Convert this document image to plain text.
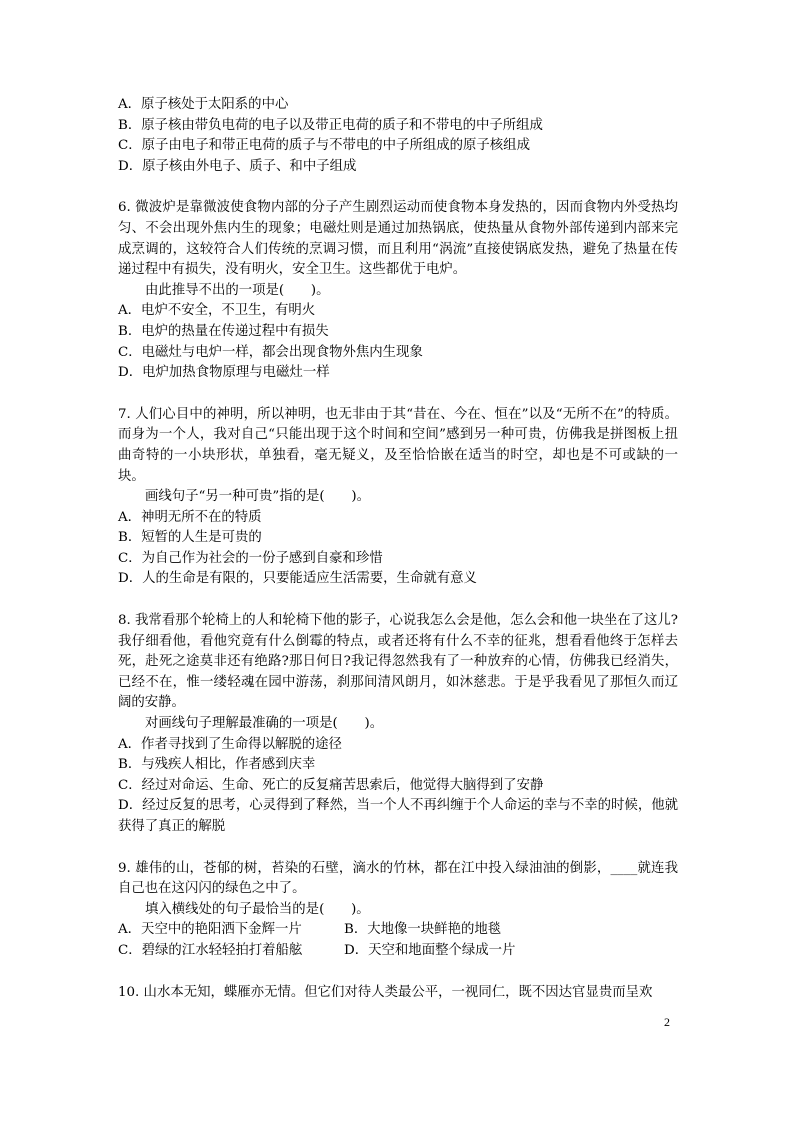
A．原子核处于太阳系的中心
B．原子核由带负电荷的电子以及带正电荷的质子和不带电的中子所组成
C．原子由电子和带正电荷的质子与不带电的中子所组成的原子核组成
D．原子核由外电子、质子、和中子组成
6. 微波炉是靠微波使食物内部的分子产生剧烈运动而使食物本身发热的，因而食物内外受热均匀、不会出现外焦内生的现象；电磁灶则是通过加热锅底，使热量从食物外部传递到内部来完成烹调的，这较符合人们传统的烹调习惯，而且利用“涡流”直接使锅底发热，避免了热量在传递过程中有损失，没有明火，安全卫生。这些都优于电炉。
由此推导不出的一项是(　　)。
A．电炉不安全，不卫生，有明火
B．电炉的热量在传递过程中有损失
C．电磁灶与电炉一样，都会出现食物外焦内生现象
D．电炉加热食物原理与电磁灶一样
7. 人们心目中的神明，所以神明，也无非由于其“昔在、今在、恒在”以及“无所不在”的特质。而身为一个人，我对自己“只能出现于这个时间和空间”感到另一种可贵，仿佛我是拼图板上扭曲奇特的一小块形状，单独看，毫无疑义，及至恰恰嵌在适当的时空，却也是不可或缺的一块。
画线句子“另一种可贵”指的是(　　)。
A．神明无所不在的特质
B．短暂的人生是可贵的
C．为自己作为社会的一份子感到自豪和珍惜
D．人的生命是有限的，只要能适应生活需要，生命就有意义
8. 我常看那个轮椅上的人和轮椅下他的影子，心说我怎么会是他，怎么会和他一块坐在了这儿?我仔细看他，看他究竟有什么倒霉的特点，或者还将有什么不幸的征兆，想看看他终于怎样去死，赴死之途莫非还有绝路?那日何日?我记得忽然我有了一种放弃的心情，仿佛我已经消失，已经不在，惟一缕轻魂在园中游荡，刹那间清风朗月，如沐慈悲。于是乎我看见了那恒久而辽阔的安静。
对画线句子理解最准确的一项是(　　)。
A．作者寻找到了生命得以解脱的途径
B．与残疾人相比，作者感到庆幸
C．经过对命运、生命、死亡的反复痛苦思索后，他觉得大脑得到了安静
D．经过反复的思考，心灵得到了释然，当一个人不再纠缠于个人命运的幸与不幸的时候，他就获得了真正的解脱
9. 雄伟的山，苍郁的树，苔染的石壁，滴水的竹林，都在江中投入绿油油的倒影，____就连我自己也在这闪闪的绿色之中了。
填入横线处的句子最恰当的是(　　)。
A．天空中的艳阳洒下金辉一片	B．大地像一块鲜艳的地毯
C．碧绿的江水轻轻拍打着船舷	D．天空和地面整个绿成一片
10. 山水本无知，蝶雁亦无情。但它们对待人类最公平，一视同仁，既不因达官显贵而呈欢
2
